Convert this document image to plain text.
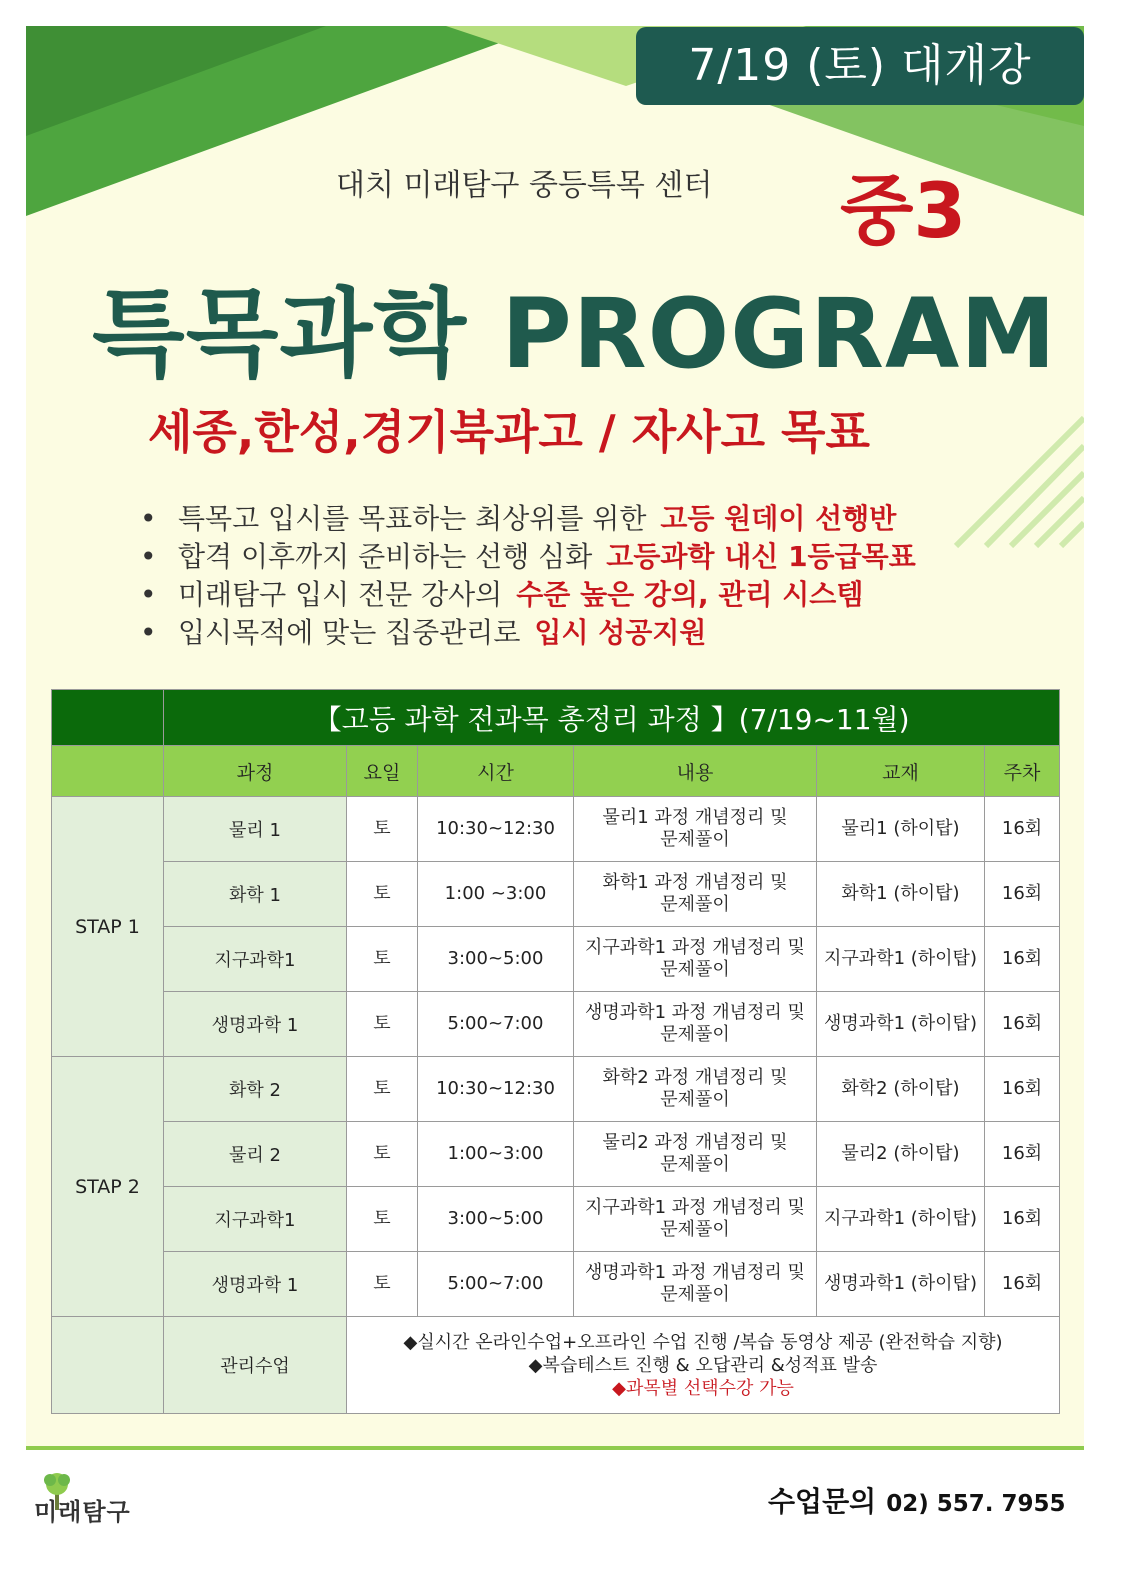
7/19 (토) 대개강
대치 미래탐구 중등특목 센터 중3
특목과학 PROGRAM
세종,한성,경기북과고 / 자사고 목표
• 특목고 입시를 목표하는 최상위를 위한 고등 원데이 선행반
• 합격 이후까지 준비하는 선행 심화 고등과학 내신 1등급목표
• 미래탐구 입시 전문 강사의 수준 높은 강의, 관리 시스템
• 입시목적에 맞는 집중관리로 입시 성공지원
	【고등 과학 전과목 총정리 과정 】(7/19~11월)					
	과정	요일	시간	내용	교재	주차
STAP 1	물리 1	토	10:30~12:30	물리1 과정 개념정리 및
문제풀이	물리1 (하이탑)	16회
	화학 1	토	1:00 ~3:00	화학1 과정 개념정리 및
문제풀이	화학1 (하이탑)	16회
	지구과학1	토	3:00~5:00	지구과학1 과정 개념정리 및
문제풀이	지구과학1 (하이탑)	16회
	생명과학 1	토	5:00~7:00	생명과학1 과정 개념정리 및
문제풀이	생명과학1 (하이탑)	16회
STAP 2	화학 2	토	10:30~12:30	화학2 과정 개념정리 및
문제풀이	화학2 (하이탑)	16회
	물리 2	토	1:00~3:00	물리2 과정 개념정리 및
문제풀이	물리2 (하이탑)	16회
	지구과학1	토	3:00~5:00	지구과학1 과정 개념정리 및
문제풀이	지구과학1 (하이탑)	16회
	생명과학 1	토	5:00~7:00	생명과학1 과정 개념정리 및
문제풀이	생명과학1 (하이탑)	16회
	관리수업	◆실시간 온라인수업+오프라인 수업 진행 /복습 동영상 제공 (완전학습 지향)
◆복습테스트 진행 & 오답관리 &성적표 발송
◆과목별 선택수강 가능				
미래탐구	수업문의 02) 557. 7955
